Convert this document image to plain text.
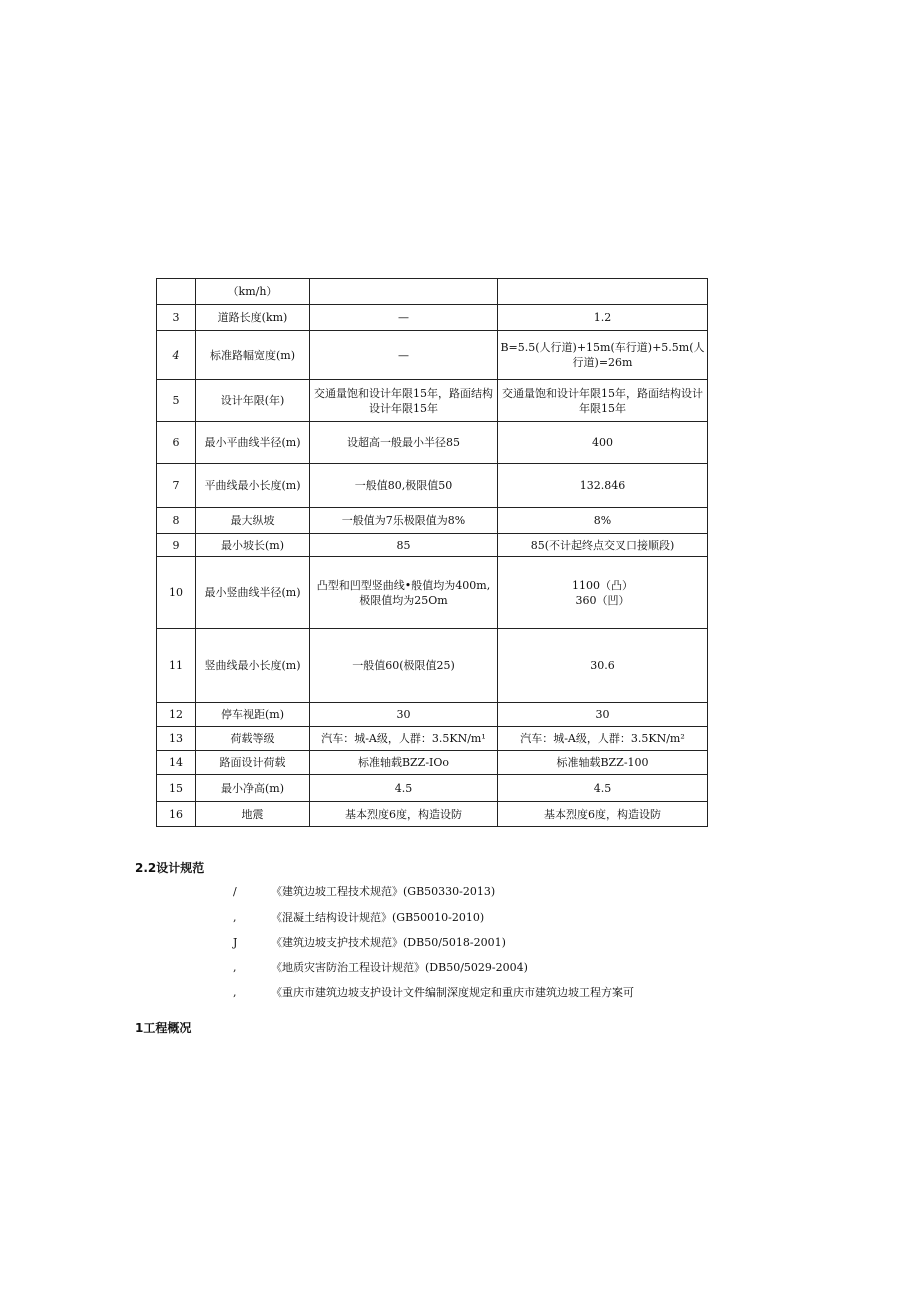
	（km/h）		
3	道路长度(km)	—	1.2
4	标准路幅宽度(m)	—	B=5.5(人行道)+15m(车行道)+5.5m(人行道)=26m
5	设计年限(年)	交通量饱和设计年限15年，路面结构设计年限15年	交通量饱和设计年限15年，路面结构设计年限15年
6	最小平曲线半径(m)	设超高一般最小半径85	400
7	平曲线最小长度(m)	一般值80,极限值50	132.846
8	最大纵坡	一般值为7乐极限值为8%	8%
9	最小坡长(m)	85	85(不计起终点交叉口接顺段)
10	最小竖曲线半径(m)	凸型和凹型竖曲线•般值均为400m,极限值均为25Om	1100（凸）
360（凹）

11	竖曲线最小长度(m)	一般值60(极限值25)	30.6
12	停车视距(m)	30	30
13	荷载等级	汽车：城-A级，人群：3.5KN/m¹	汽车：城-A级，人群：3.5KN/m²
14	路面设计荷载	标准轴载BZZ-IOo	标准轴载BZZ-100
15	最小净高(m)	4.5	4.5
16	地震	基本烈度6度，构造设防	基本烈度6度，构造设防
2.2设计规范
/	《建筑边坡工程技术规范》(GB50330-2013)
,	《混凝土结构设计规范》(GB50010-2010)
J	《建筑边坡支护技术规范》(DB50/5018-2001)
,	《地质灾害防治工程设计规范》(DB50/5029-2004)
,	《重庆市建筑边坡支护设计文件编制深度规定和重庆市建筑边坡工程方案可
1工程概况
